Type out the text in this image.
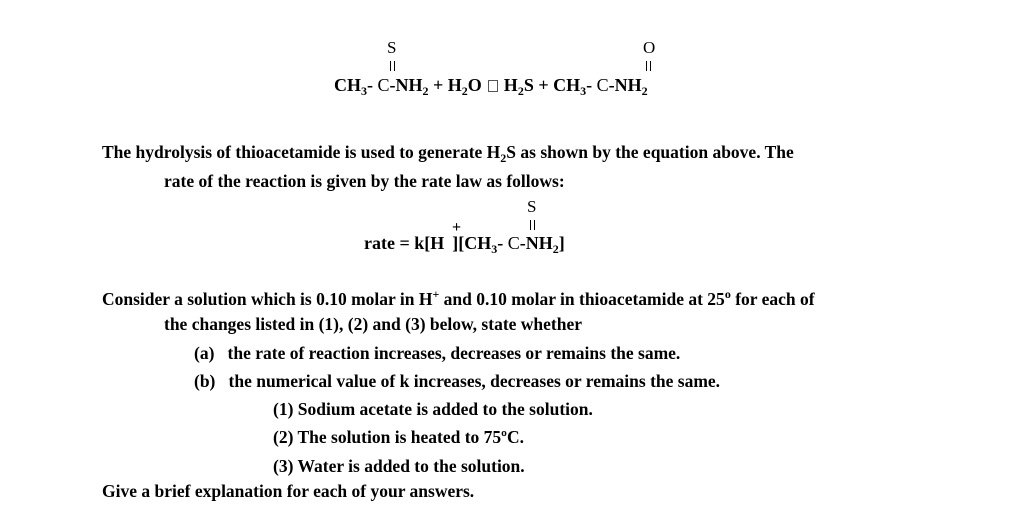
S	O
$CH_3-$ $C-NH_2 + H_2O$ $H_2S + CH_3-$ $C-NH_2$
The hydrolysis of thioacetamide is used to generate $H_2S$ as shown by the equation above. The
rate of the reaction is given by the rate law as follows:
S
+
rate = k[H ][$CH_3-$ $C-NH_2$]
Consider a solution which is 0.10 molar in H+ and 0.10 molar in thioacetamide at 25$^o$ for each of
the changes listed in (1), (2) and (3) below, state whether
(a) the rate of reaction increases, decreases or remains the same.
(b) the numerical value of k increases, decreases or remains the same.
(1) Sodium acetate is added to the solution.
(2) The solution is heated to 75ºC.
(3) Water is added to the solution.
Give a brief explanation for each of your answers.
